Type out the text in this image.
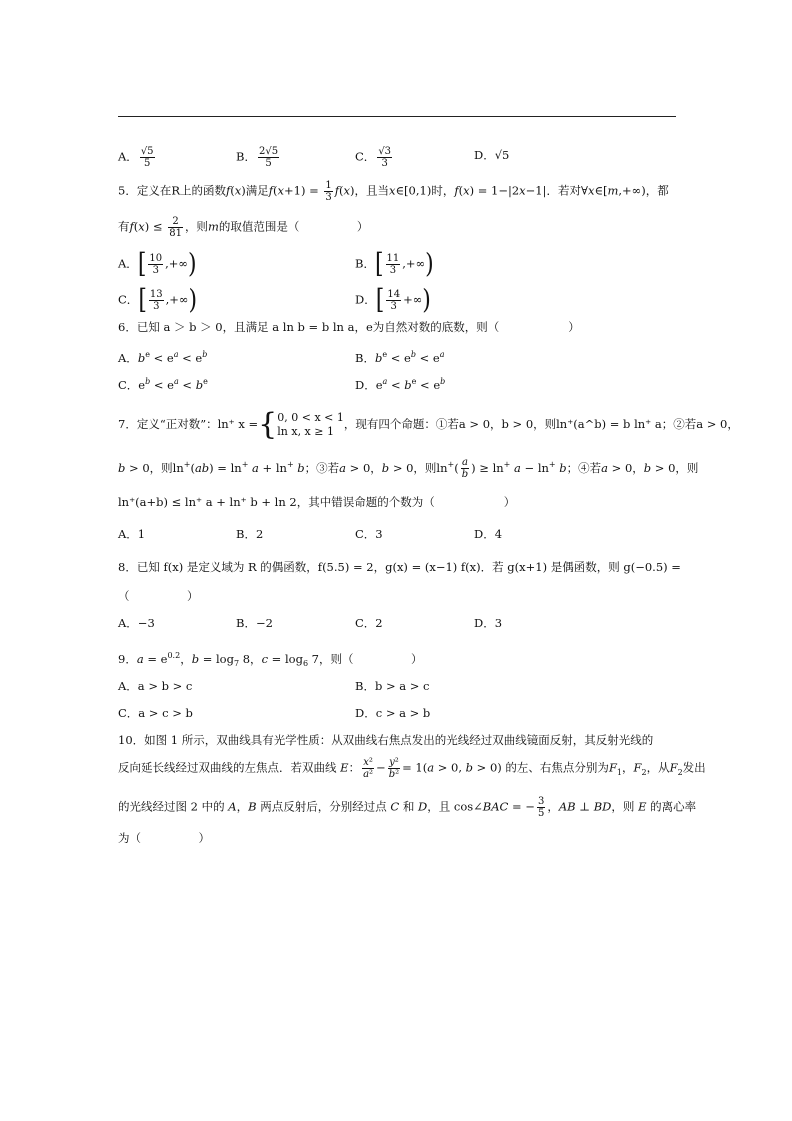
A． $\frac{√5}{5}$	B． $\frac{2√5}{5}$	C． $\frac{√3}{3}$	D．√5
5．定义在R上的函数f(x)满足$f(x+1) = \frac{1}{3} f(x)$，且当x∈[0,1)时，f(x) = 1−|2x−1|．若对∀x∈[m,+∞)，都
有$f(x) \le \frac{2}{81}$ ，则m的取值范围是（　　　　　）
A．[ $\frac{10}{3}$ ,+∞)	B．[ $\frac{11}{3}$ ,+∞)
C．[ $\frac{13}{3}$ ,+∞)	D．[ $\frac{14}{3}$ +∞)
6．已知 a ＞ b ＞ 0，且满足 a ln b = b ln a，e为自然对数的底数，则（　　　　　　）
A．$b^e < e^a < e^b$	B．$b^e < e^b < e^a$
C．$e^b < e^a < b^e$	D．$e^a < b^e < e^b$
7．定义“正对数”：ln⁺ x ={ 0, 0 < x < 1
ln x, x ≥ 1
，现有四个命题：①若a > 0，b > 0，则ln⁺(a^b) = b ln⁺ a；②若a > 0，
b > 0，则ln+(ab) = ln+ a + ln+ b；③若a > 0，b > 0，则$\ln^+( \frac{a}{b}$ ) ≥ ln+ a − ln+ b；④若a > 0，b > 0，则
ln⁺(a+b) ≤ ln⁺ a + ln⁺ b + ln 2，其中错误命题的个数为（　　　　　　）
A．1	B．2	C．3	D．4
8．已知 f(x) 是定义域为 R 的偶函数，f(5.5) = 2，g(x) = (x−1) f(x)．若 g(x+1) 是偶函数，则 g(−0.5) =
（　　　　　）
A．−3	B．−2	C．2	D．3
9．$a = e^{0.2}$，$b = \log_7 8$，$c = \log_6 7$，则（　　　　　）
A．a > b > c	B．b > a > c
C．a > c > b	D．c > a > b
10．如图 1 所示，双曲线具有光学性质：从双曲线右焦点发出的光线经过双曲线镜面反射，其反射光线的
反向延长线经过双曲线的左焦点．若双曲线 E： $\frac{\text{x²}}{\text{a²}} - \frac{\text{y²}}{\text{b²}} = 1(a > 0$, b > 0) 的左、右焦点分别为$F_1$，$F_2$，从$F_2$发出
的光线经过图 2 中的 A，B 两点反射后，分别经过点 C 和 D，且 cos∠BAC = − $\frac{3}{5}$ ，AB ⊥ BD，则 E 的离心率
为（　　　　　）
